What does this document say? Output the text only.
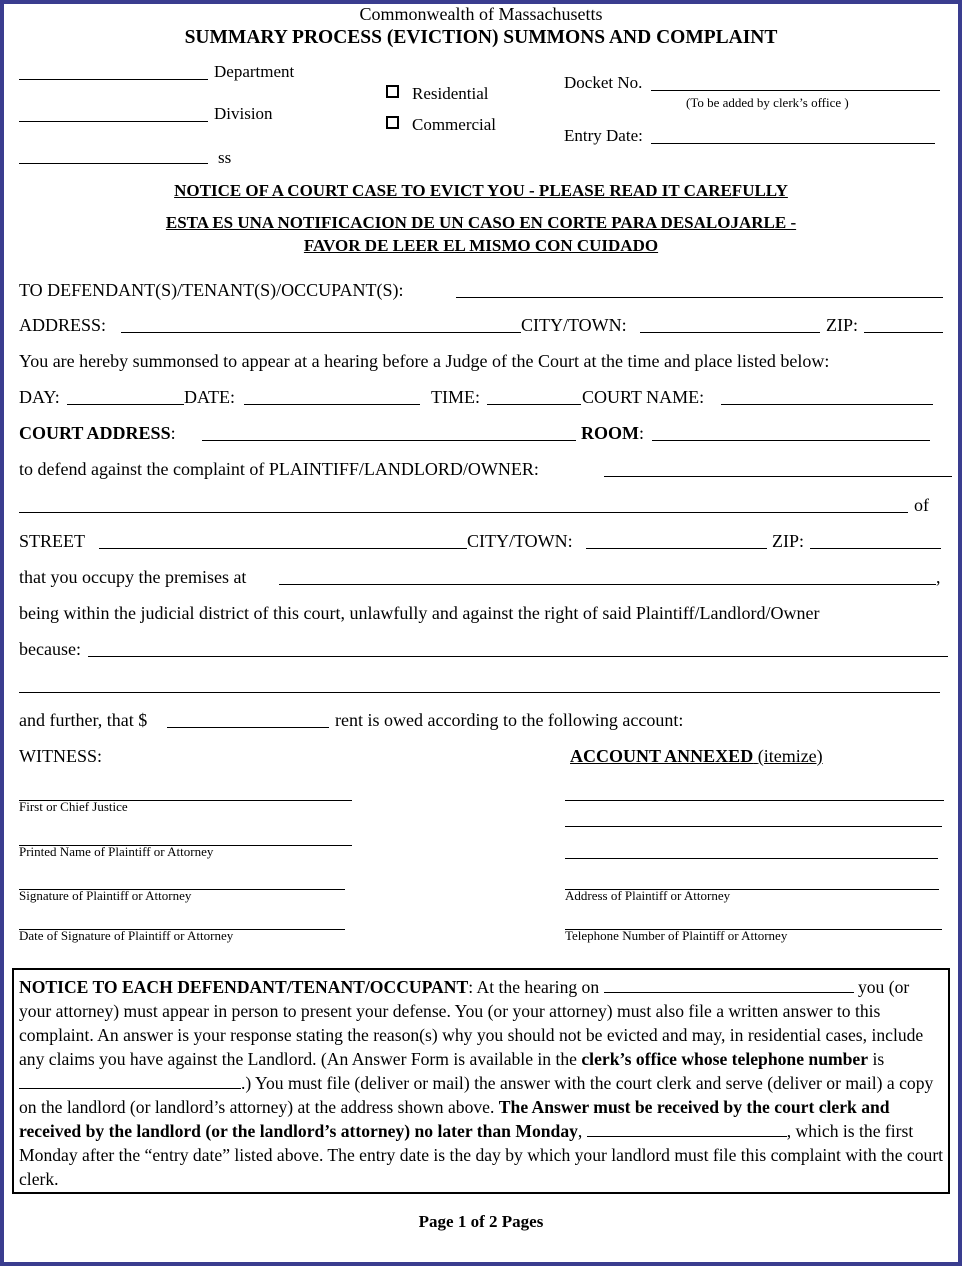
Commonwealth of Massachusetts
SUMMARY PROCESS (EVICTION) SUMMONS AND COMPLAINT
Department
Division
ss
Residential
Commercial
Docket No.
(To be added by clerk’s office )
Entry Date:
NOTICE OF A COURT CASE TO EVICT YOU - PLEASE READ IT CAREFULLY
ESTA ES UNA NOTIFICACION DE UN CASO EN CORTE PARA DESALOJARLE -
FAVOR DE LEER EL MISMO CON CUIDADO
TO DEFENDANT(S)/TENANT(S)/OCCUPANT(S):
ADDRESS:	CITY/TOWN:	ZIP:
You are hereby summonsed to appear at a hearing before a Judge of the Court at the time and place listed below:
DAY:	DATE:	TIME:	COURT NAME:
COURT ADDRESS:	ROOM:
to defend against the complaint of PLAINTIFF/LANDLORD/OWNER:
of
STREET	CITY/TOWN:	ZIP:
that you occupy the premises at	,
being within the judicial district of this court, unlawfully and against the right of said Plaintiff/Landlord/Owner
because:
and further, that $	rent is owed according to the following account:
WITNESS:	ACCOUNT ANNEXED (itemize)
First or Chief Justice
Printed Name of Plaintiff or Attorney
Signature of Plaintiff or Attorney
Date of Signature of Plaintiff or Attorney
Address of Plaintiff or Attorney
Telephone Number of Plaintiff or Attorney
NOTICE TO EACH DEFENDANT/TENANT/OCCUPANT: At the hearing on	you (or your attorney) must appear in person to present your defense. You (or your attorney) must also file a written answer to this complaint. An answer is your response stating the reason(s) why you should not be evicted and may, in residential cases, include any claims you have against the Landlord. (An Answer Form is available in the clerk’s office whose telephone number is .) You must file (deliver or mail) the answer with the court clerk and serve (deliver or mail) a copy on the landlord (or landlord’s attorney) at the address shown above. The Answer must be received by the court clerk and received by the landlord (or the landlord’s attorney) no later than Monday,	, which is the first Monday after the “entry date” listed above. The entry date is the day by which your landlord must file this complaint with the court clerk.
Page 1 of 2 Pages
